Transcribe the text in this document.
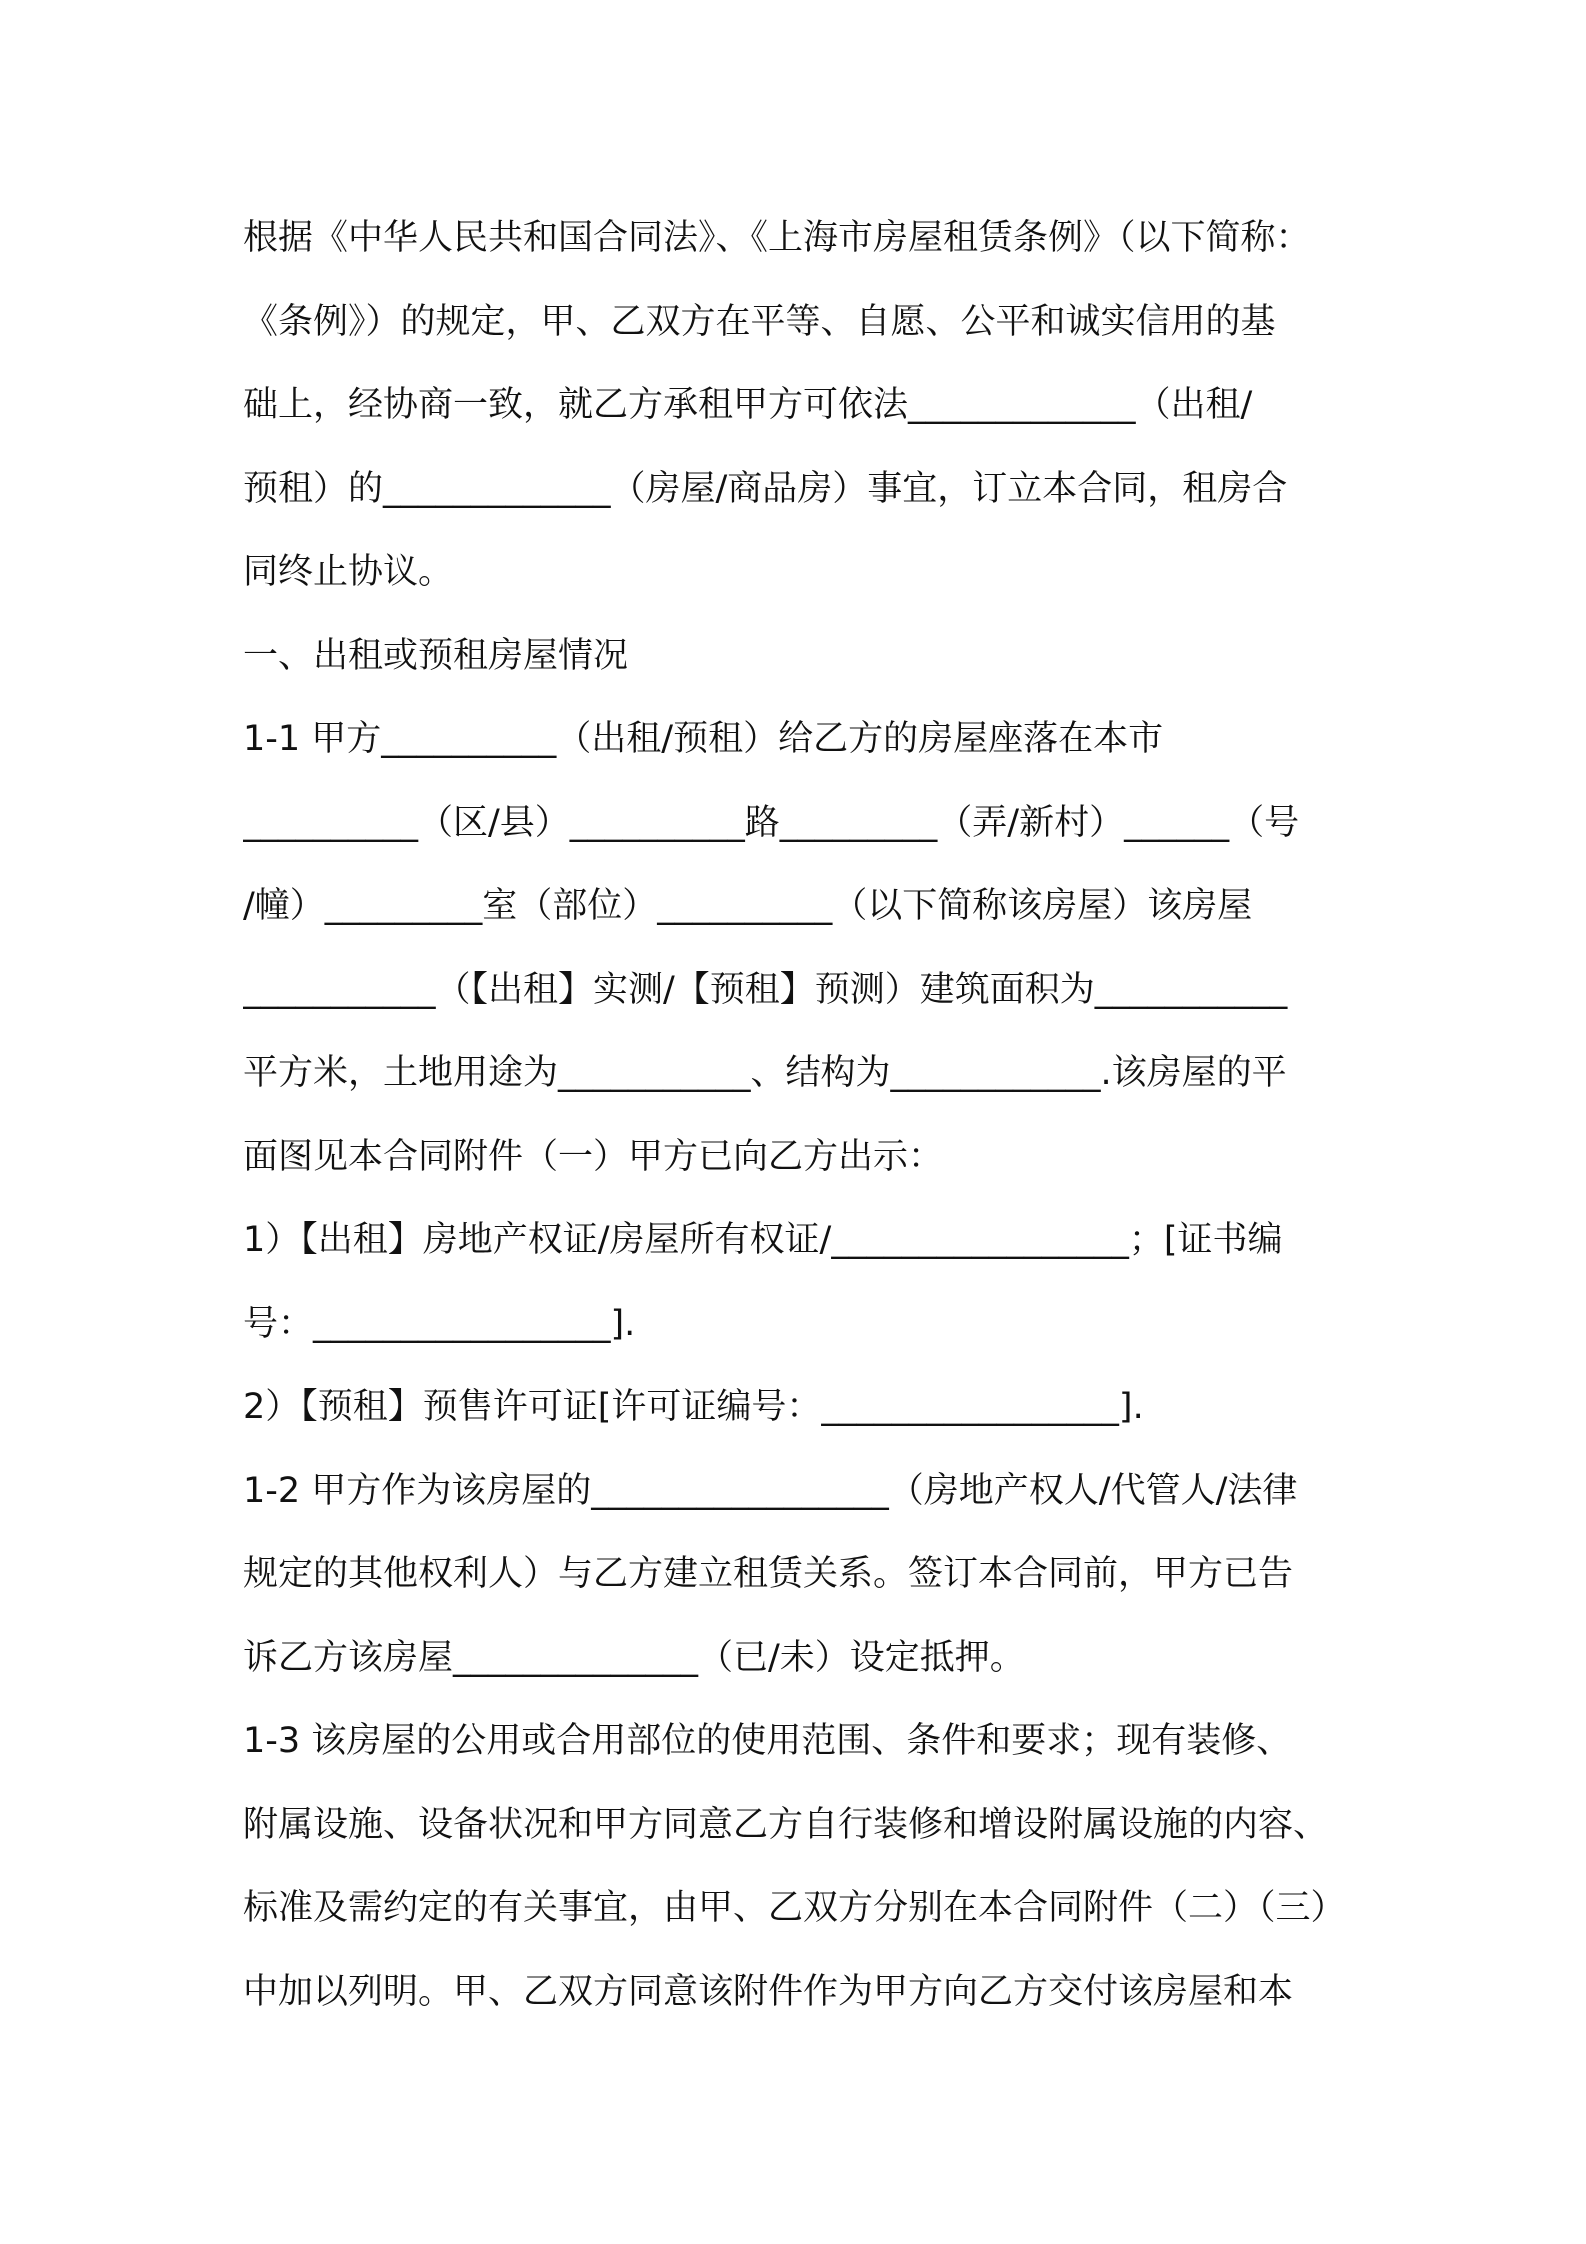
根据《中华人民共和国合同法》、《上海市房屋租赁条例》（以下简称：
《条例》）的规定，甲、乙双方在平等、自愿、公平和诚实信用的基
础上，经协商一致，就乙方承租甲方可依法_____________（出租/
预租）的_____________（房屋/商品房）事宜，订立本合同，租房合
同终止协议。
一、出租或预租房屋情况
1-1 甲方__________（出租/预租）给乙方的房屋座落在本市
__________（区/县）__________路_________（弄/新村）______（号
/幢）_________室（部位）__________（以下简称该房屋）该房屋
___________（【出租】实测/【预租】预测）建筑面积为___________
平方米，土地用途为___________、结构为____________.该房屋的平
面图见本合同附件（一）甲方已向乙方出示：
1）【出租】房地产权证/房屋所有权证/_________________；[证书编
号：_________________].
2）【预租】预售许可证[许可证编号：_________________].
1-2 甲方作为该房屋的_________________（房地产权人/代管人/法律
规定的其他权利人）与乙方建立租赁关系。签订本合同前，甲方已告
诉乙方该房屋______________（已/未）设定抵押。
1-3 该房屋的公用或合用部位的使用范围、条件和要求；现有装修、
附属设施、设备状况和甲方同意乙方自行装修和增设附属设施的内容、
标准及需约定的有关事宜，由甲、乙双方分别在本合同附件（二）（三）
中加以列明。甲、乙双方同意该附件作为甲方向乙方交付该房屋和本
